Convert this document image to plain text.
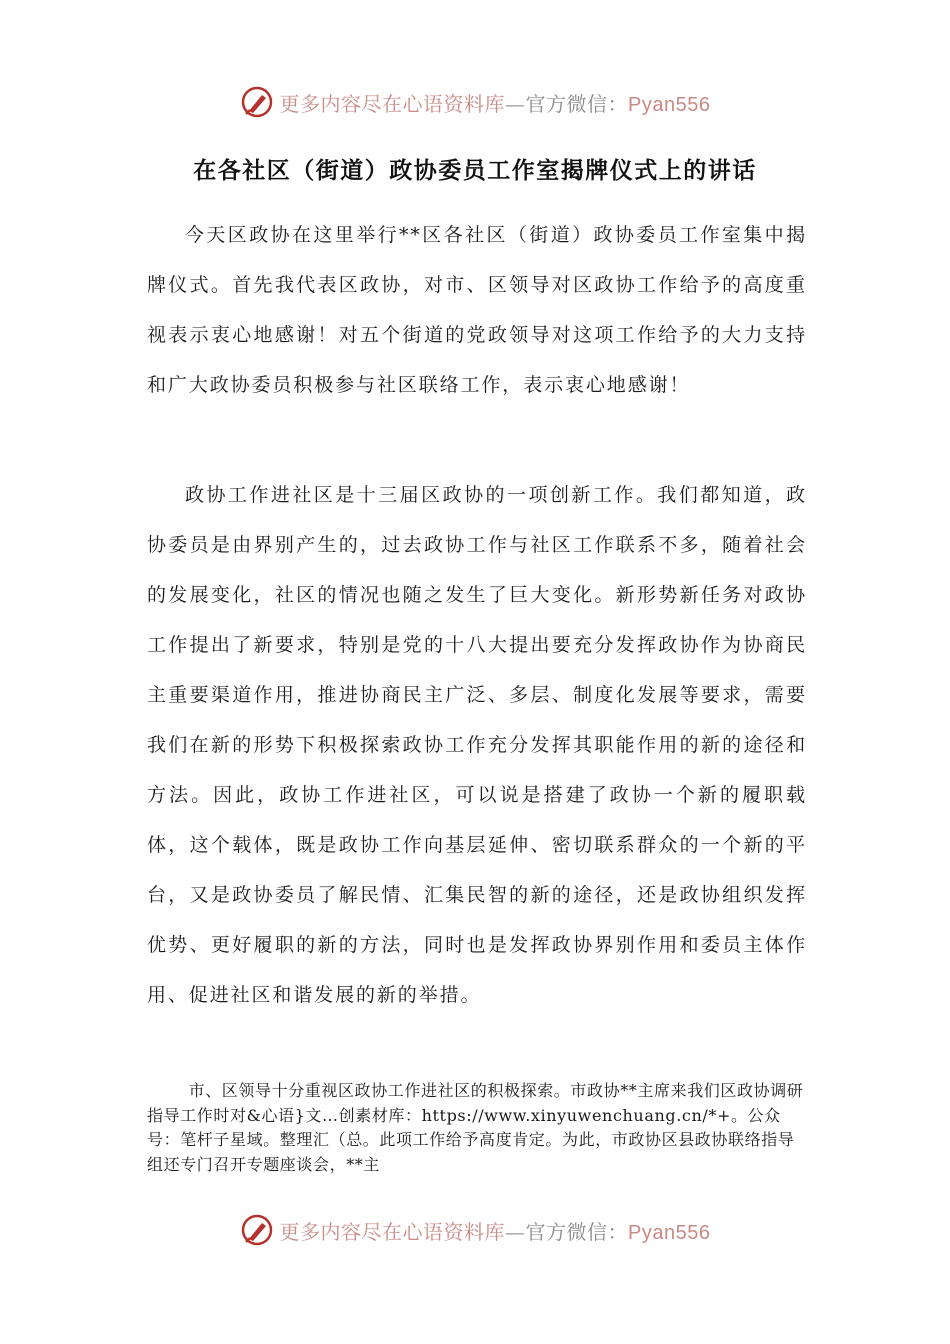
更多内容尽在心语资料库—官方微信：Pyan556
在各社区（街道）政协委员工作室揭牌仪式上的讲话

今天区政协在这里举行**区各社区（街道）政协委员工作室集中揭牌仪式。首先我代表区政协，对市、区领导对区政协工作给予的高度重视表示衷心地感谢！对五个街道的党政领导对这项工作给予的大力支持和广大政协委员积极参与社区联络工作，表示衷心地感谢！

政协工作进社区是十三届区政协的一项创新工作。我们都知道，政协委员是由界别产生的，过去政协工作与社区工作联系不多，随着社会的发展变化，社区的情况也随之发生了巨大变化。新形势新任务对政协工作提出了新要求，特别是党的十八大提出要充分发挥政协作为协商民主重要渠道作用，推进协商民主广泛、多层、制度化发展等要求，需要我们在新的形势下积极探索政协工作充分发挥其职能作用的新的途径和方法。因此，政协工作进社区，可以说是搭建了政协一个新的履职载体，这个载体，既是政协工作向基层延伸、密切联系群众的一个新的平台，又是政协委员了解民情、汇集民智的新的途径，还是政协组织发挥优势、更好履职的新的方法，同时也是发挥政协界别作用和委员主体作用、促进社区和谐发展的新的举措。

市、区领导十分重视区政协工作进社区的积极探索。市政协**主席来我们区政协调研指导工作时对&心语}文…创素材库：https://www.xinyuwenchuang.cn/*+。公众号：笔杆子星域。整理汇（总。此项工作给予高度肯定。为此，市政协区县政协联络指导组还专门召开专题座谈会，**主

更多内容尽在心语资料库—官方微信：Pyan556
